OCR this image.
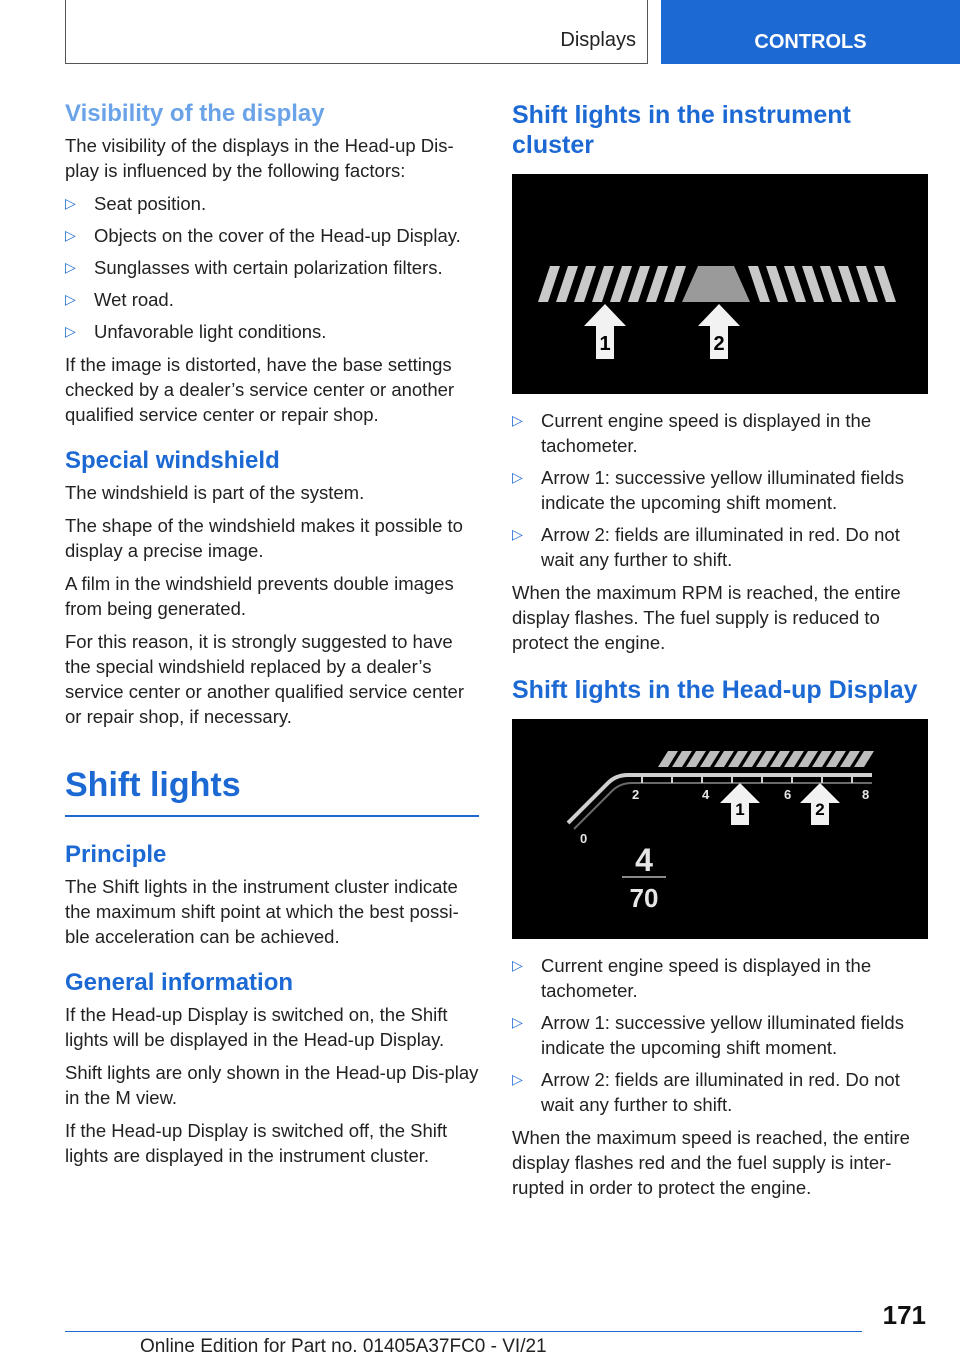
Displays	CONTROLS
Visibility of the display

The visibility of the displays in the Head-up Dis-play is influenced by the following factors:

▷ Seat position.
▷ Objects on the cover of the Head-up Display.
▷ Sunglasses with certain polarization filters.
▷ Wet road.
▷ Unfavorable light conditions.

If the image is distorted, have the base settings checked by a dealer’s service center or another qualified service center or repair shop.

Special windshield

The windshield is part of the system.

The shape of the windshield makes it possible to display a precise image.

A film in the windshield prevents double images from being generated.

For this reason, it is strongly suggested to have the special windshield replaced by a dealer’s service center or another qualified service center or repair shop, if necessary.

Shift lights
Principle

The Shift lights in the instrument cluster indicate the maximum shift point at which the best possi-ble acceleration can be achieved.

General information

If the Head-up Display is switched on, the Shift lights will be displayed in the Head-up Display.

Shift lights are only shown in the Head-up Dis-play in the M view.

If the Head-up Display is switched off, the Shift lights are displayed in the instrument cluster.

Shift lights in the instrument cluster
1	2
▷ Current engine speed is displayed in the tachometer.
▷ Arrow 1: successive yellow illuminated fields indicate the upcoming shift moment.
▷ Arrow 2: fields are illuminated in red. Do not wait any further to shift.

When the maximum RPM is reached, the entire display flashes. The fuel supply is reduced to protect the engine.

Shift lights in the Head-up Display
0
2	4	6	8
1	2
4
70
▷ Current engine speed is displayed in the tachometer.
▷ Arrow 1: successive yellow illuminated fields indicate the upcoming shift moment.
▷ Arrow 2: fields are illuminated in red. Do not wait any further to shift.

When the maximum speed is reached, the entire display flashes red and the fuel supply is inter-rupted in order to protect the engine.

171
Online Edition for Part no. 01405A37FC0 - VI/21
